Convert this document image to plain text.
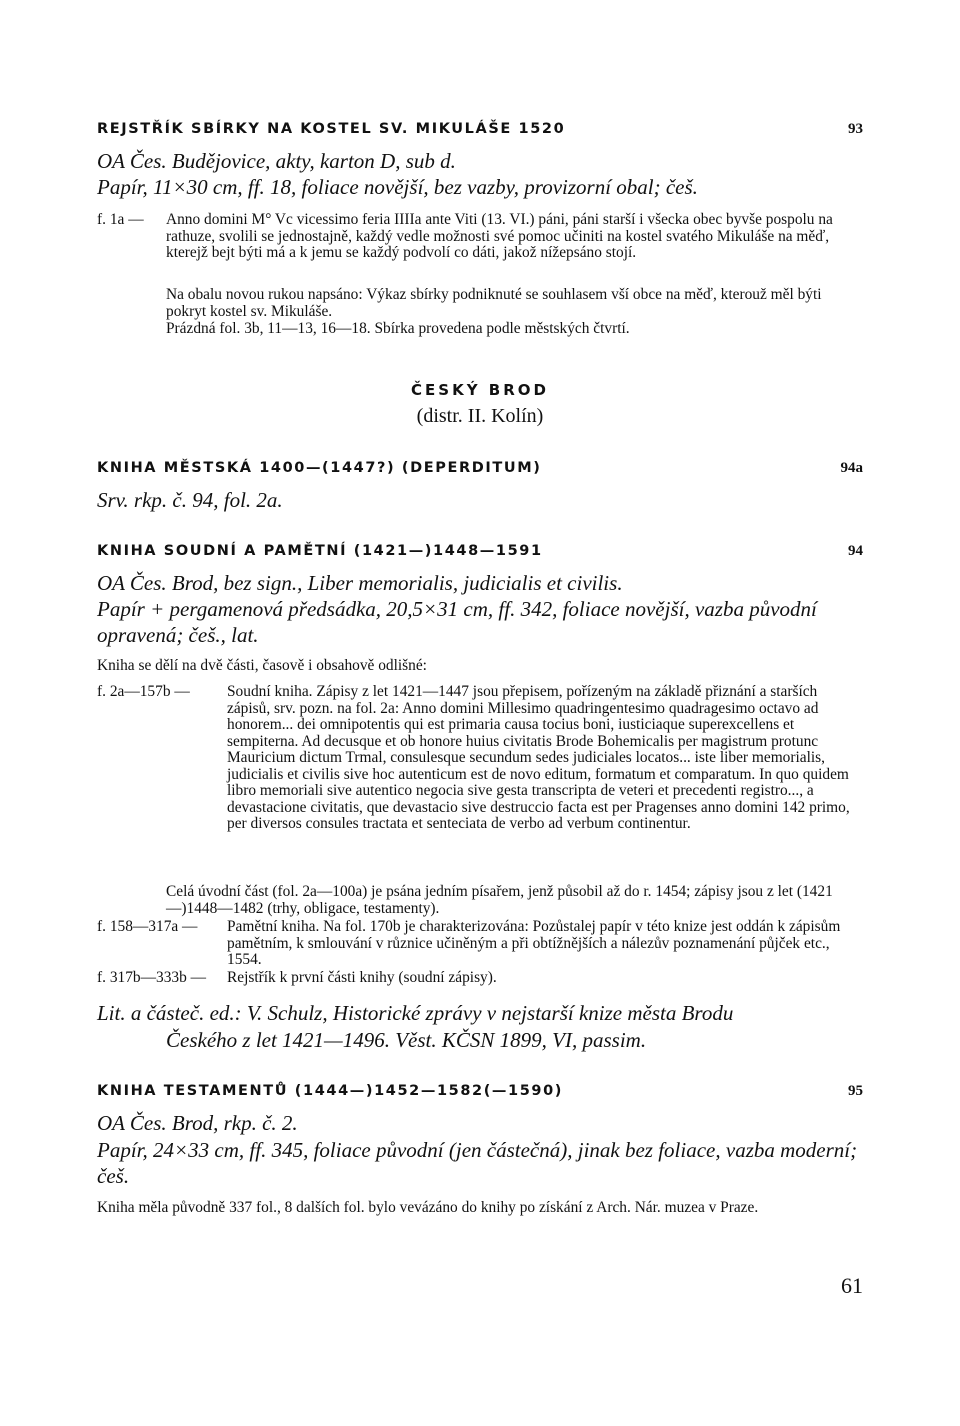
REJSTŘÍK SBÍRKY NA KOSTEL SV. MIKULÁŠE 1520	93
OA Čes. Budějovice, akty, karton D, sub d.
Papír, 11×30 cm, ff. 18, foliace novější, bez vazby, provizorní obal; češ.
f. 1a — Anno domini M° Vc vicessimo feria IIIIa ante Viti (13. VI.) páni, páni starší i všecka obec byvše pospolu na rathuze, svolili se jednostajně, každý vedle možnosti své pomoc učiniti na kostel svatého Mikuláše na měď, kterejž bejt býti má a k jemu se každý podvolí co dáti, jakož nížepsáno stojí.
Na obalu novou rukou napsáno: Výkaz sbírky podniknuté se souhlasem vší obce na měď, kterouž měl býti pokryt kostel sv. Mikuláše.
Prázdná fol. 3b, 11—13, 16—18. Sbírka provedena podle městských čtvrtí.
ČESKÝ BROD
(distr. II. Kolín)
KNIHA MĚSTSKÁ 1400—(1447?) (DEPERDITUM)	94a
Srv. rkp. č. 94, fol. 2a.
KNIHA SOUDNÍ A PAMĚTNÍ (1421—)1448—1591	94
OA Čes. Brod, bez sign., Liber memorialis, judicialis et civilis.
Papír + pergamenová předsádka, 20,5×31 cm, ff. 342, foliace novější, vazba původní opravená; češ., lat.
Kniha se dělí na dvě části, časově i obsahově odlišné:
f. 2a—157b — Soudní kniha. Zápisy z let 1421—1447 jsou přepisem, pořízeným na základě přiznání a starších zápisů, srv. pozn. na fol. 2a: Anno domini Millesimo quadringentesimo quadragesimo octavo ad honorem... dei omnipotentis qui est primaria causa tocius boni, iusticiaque superexcellens et sempiterna. Ad decusque et ob honore huius civitatis Brode Bohemicalis per magistrum protunc Mauricium dictum Trmal, consulesque secundum sedes judiciales locatos... iste liber memorialis, judicialis et civilis sive hoc autenticum est de novo editum, formatum et comparatum. In quo quidem libro memoriali sive autentico negocia sive gesta transcripta de veteri et precedenti registro..., a devastacione civitatis, que devastacio sive destruccio facta est per Pragenses anno domini 142 primo, per diversos consules tractata et senteciata de verbo ad verbum continentur.
Celá úvodní část (fol. 2a—100a) je psána jedním písařem, jenž působil až do r. 1454; zápisy jsou z let (1421—)1448—1482 (trhy, obligace, testamenty).
f. 158—317a — Pamětní kniha. Na fol. 170b je charakterizována: Pozůstalej papír v této knize jest oddán k zápisům pamětním, k smlouvání v různice učiněným a při obtížnějších a nálezův poznamenání půjček etc., 1554.
f. 317b—333b — Rejstřík k první části knihy (soudní zápisy).
Lit. a částeč. ed.: V. Schulz, Historické zprávy v nejstarší knize města Brodu
Českého z let 1421—1496. Věst. KČSN 1899, VI, passim.
KNIHA TESTAMENTŮ (1444—)1452—1582(—1590)	95
OA Čes. Brod, rkp. č. 2.
Papír, 24×33 cm, ff. 345, foliace původní (jen částečná), jinak bez foliace, vazba moderní; češ.
Kniha měla původně 337 fol., 8 dalších fol. bylo vevázáno do knihy po získání z Arch. Nár. muzea v Praze.
61
